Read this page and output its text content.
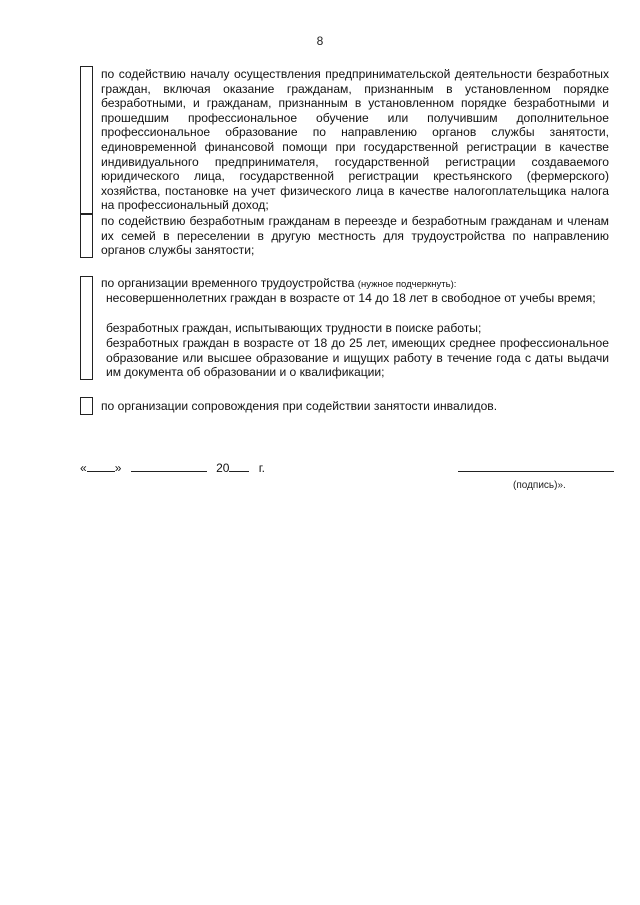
8
по содействию началу осуществления предпринимательской деятельности безработных граждан, включая оказание гражданам, признанным в установленном порядке безработными, и гражданам, признанным в установленном порядке безработными и прошедшим профессиональное обучение или получившим дополнительное профессиональное образование по направлению органов службы занятости, единовременной финансовой помощи при государственной регистрации в качестве индивидуального предпринимателя, государственной регистрации создаваемого юридического лица, государственной регистрации крестьянского (фермерского) хозяйства, постановке на учет физического лица в качестве налогоплательщика налога на профессиональный доход;
по содействию безработным гражданам в переезде и безработным гражданам и членам их семей в переселении в другую местность для трудоустройства по направлению органов службы занятости;
по организации временного трудоустройства (нужное подчеркнуть):
несовершеннолетних граждан в возрасте от 14 до 18 лет в свободное от учебы время;
безработных граждан, испытывающих трудности в поиске работы;
безработных граждан в возрасте от 18 до 25 лет, имеющих среднее профессиональное образование или высшее образование и ищущих работу в течение года с даты выдачи им документа об образовании и о квалификации;
по организации сопровождения при содействии занятости инвалидов.
« »	20 г.
(подпись)».
